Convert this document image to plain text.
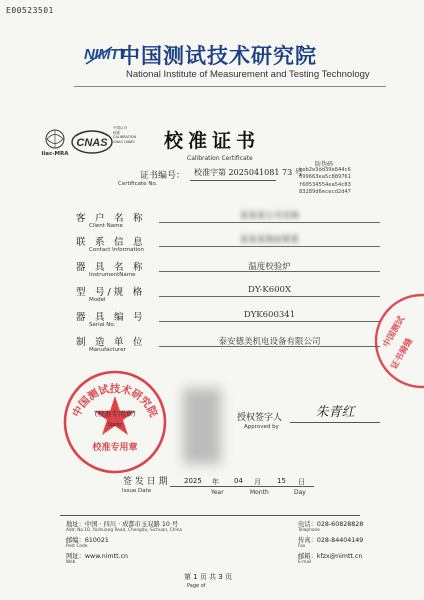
E00523501
NIMTT
中国测试技术研究院
National Institute of Measurement and Testing Technology
ilac-MRA
CNAS
中国认可
校准
CALIBRATION
CNAS L0683	校准证书
Calibration Certificate
证书编号：
Certificate No.
校准字第 2025041081 73 号
防伪码
beb2e3dd39e844c6
099663ea5c889761
f60534554ea54c83
83289d6ececd2d47
客　户　名　称
Client Name
某某某公司名称
联　系　信　息
Contact Information
某某某地址联系
器　具　名　称
InstrumentName
温度校验炉
型　号 / 规　格
Model
DY-K600X
器　具　编　号
Serial No.
DYK600341
制　造　单　位
Manufacturer
泰安德美机电设备有限公司
中国测试技术研究院
(校准专用章)
Stamp
校准专用章
中国测试
证书骑缝
授权签字人
Approved by
朱青红
签 发 日 期
Issue Date
2025 年 04 月 15 日
Year	Month	Day
地址：中国 · 四川 · 成都市玉双路 10 号
Add: No.10, Yushuang Road, Chengdu, Sichuan, China
邮编：610021
Post Code
网址：www.nimtt.cn
Web
电话：028-60828828
Telephone
传真：028-84404149
Fax
邮箱：kfzx@nimtt.cn
E-mail
第 1 页 共 3 页
Page of
